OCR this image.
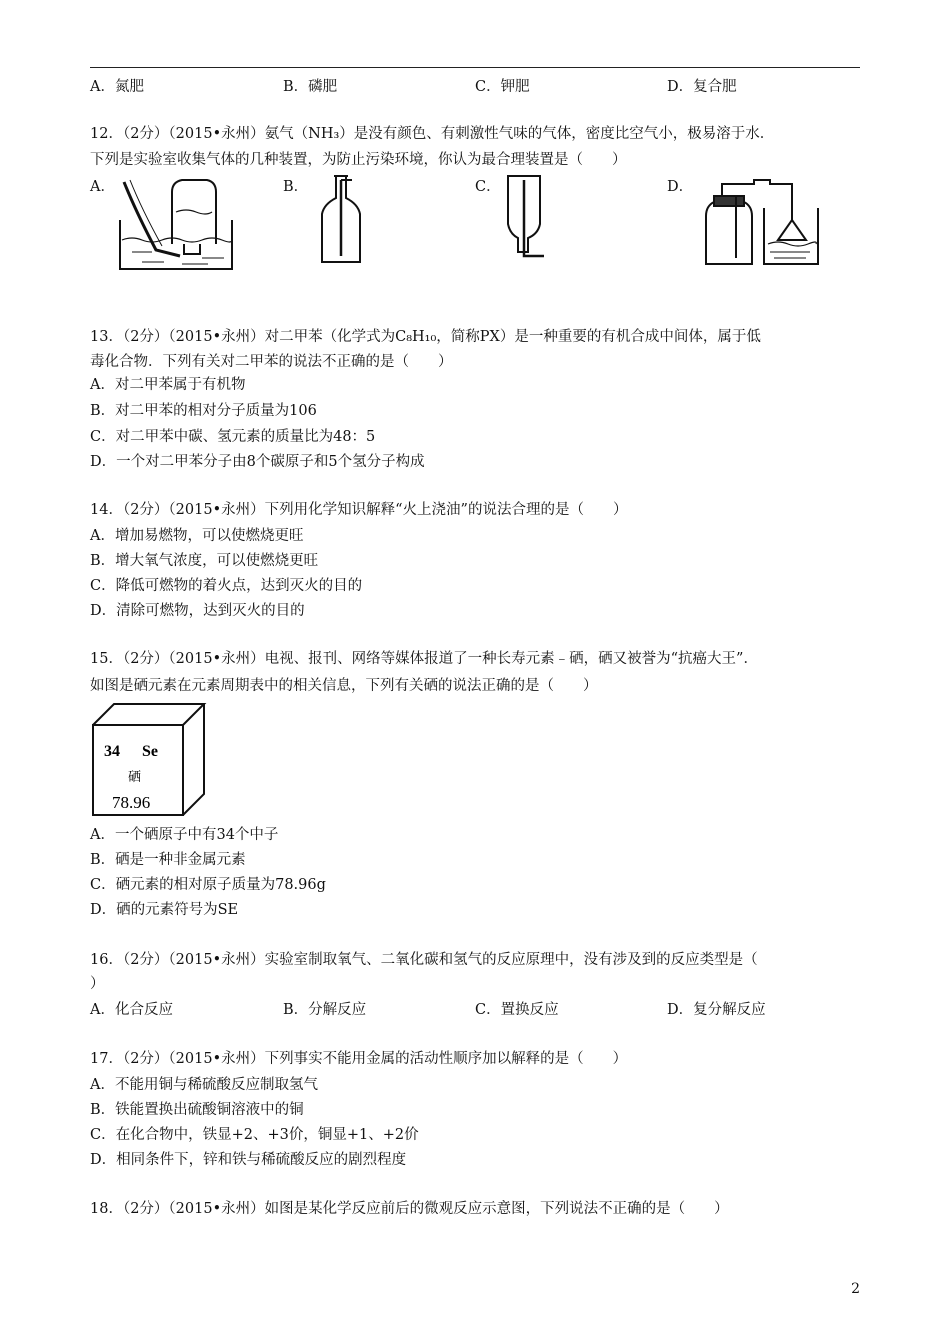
A．氮肥	B．磷肥	C．钾肥	D．复合肥
12．（2分）（2015•永州）氨气（NH₃）是没有颜色、有刺激性气味的气体，密度比空气小，极易溶于水．
下列是实验室收集气体的几种装置，为防止污染环境，你认为最合理装置是（　　）
A．	B．	C．	D．
13．（2分）（2015•永州）对二甲苯（化学式为C₈H₁₀，简称PX）是一种重要的有机合成中间体，属于低
毒化合物．下列有关对二甲苯的说法不正确的是（　　）
A．对二甲苯属于有机物
B．对二甲苯的相对分子质量为106
C．对二甲苯中碳、氢元素的质量比为48：5
D．一个对二甲苯分子由8个碳原子和5个氢分子构成
14．（2分）（2015•永州）下列用化学知识解释“火上浇油”的说法合理的是（　　）
A．增加易燃物，可以使燃烧更旺
B．增大氧气浓度，可以使燃烧更旺
C．降低可燃物的着火点，达到灭火的目的
D．清除可燃物，达到灭火的目的
15．（2分）（2015•永州）电视、报刊、网络等媒体报道了一种长寿元素﹣硒，硒又被誉为“抗癌大王”．
如图是硒元素在元素周期表中的相关信息，下列有关硒的说法正确的是（　　）
34 Se
硒
78.96
A．一个硒原子中有34个中子
B．硒是一种非金属元素
C．硒元素的相对原子质量为78.96g
D．硒的元素符号为SE
16．（2分）（2015•永州）实验室制取氧气、二氧化碳和氢气的反应原理中，没有涉及到的反应类型是（
）
A．化合反应	B．分解反应	C．置换反应	D．复分解反应
17．（2分）（2015•永州）下列事实不能用金属的活动性顺序加以解释的是（　　）
A．不能用铜与稀硫酸反应制取氢气
B．铁能置换出硫酸铜溶液中的铜
C．在化合物中，铁显+2、+3价，铜显+1、+2价
D．相同条件下，锌和铁与稀硫酸反应的剧烈程度
18．（2分）（2015•永州）如图是某化学反应前后的微观反应示意图，下列说法不正确的是（　　）
2
